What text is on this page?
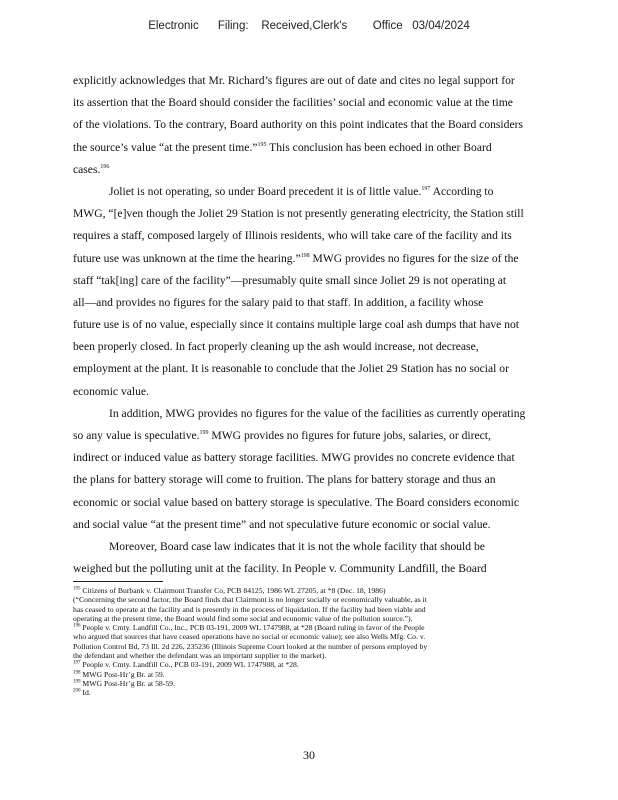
Electronic      Filing:    Received,Clerk's        Office   03/04/2024
explicitly acknowledges that Mr. Richard’s figures are out of date and cites no legal support for
its assertion that the Board should consider the facilities’ social and economic value at the time
of the violations. To the contrary, Board authority on this point indicates that the Board considers
the source’s value “at the present time.”$^{195}$ This conclusion has been echoed in other Board
cases.$^{196}$
Joliet is not operating, so under Board precedent it is of little value.$^{197}$ According to
MWG, “[e]ven though the Joliet 29 Station is not presently generating electricity, the Station still
requires a staff, composed largely of Illinois residents, who will take care of the facility and its
future use was unknown at the time the hearing.”$^{198}$ MWG provides no figures for the size of the
staff “tak[ing] care of the facility”—presumably quite small since Joliet 29 is not operating at
all—and provides no figures for the salary paid to that staff. In addition, a facility whose
future use is of no value, especially since it contains multiple large coal ash dumps that have not
been properly closed. In fact properly cleaning up the ash would increase, not decrease,
employment at the plant. It is reasonable to conclude that the Joliet 29 Station has no social or
economic value.
In addition, MWG provides no figures for the value of the facilities as currently operating
so any value is speculative.$^{199}$ MWG provides no figures for future jobs, salaries, or direct,
indirect or induced value as battery storage facilities. MWG provides no concrete evidence that
the plans for battery storage will come to fruition. The plans for battery storage and thus an
economic or social value based on battery storage is speculative. The Board considers economic
and social value “at the present time” and not speculative future economic or social value.
Moreover, Board case law indicates that it is not the whole facility that should be
weighed but the polluting unit at the facility. In People v. Community Landfill, the Board
$^{195}$ Citizens of Burbank v. Clairmont Transfer Co, PCB 84125, 1986 WL 27205, at *8 (Dec. 18, 1986)
(“Concerning the second factor, the Board finds that Clairmont is no longer socially or economically valuable, as it
has ceased to operate at the facility and is presently in the process of liquidation. If the facility had been viable and
operating at the present time, the Board would find some social and economic value of the pollution source.”).
$^{196}$ People v. Cmty. Landfill Co., Inc., PCB 03-191, 2009 WL 1747988, at *28 (Board ruling in favor of the People
who argued that sources that have ceased operations have no social or economic value); see also Wells Mfg. Co. v.
Pollution Control Bd, 73 Ill. 2d 226, 235236 (Illinois Supreme Court looked at the number of persons employed by
the defendant and whether the defendant was an important supplier to the market).
$^{197}$ People v. Cmty. Landfill Co., PCB 03-191, 2009 WL 1747988, at *28.
$^{198}$ MWG Post-Hr’g Br. at 59.
$^{199}$ MWG Post-Hr’g Br. at 58-59.
$^{200}$ Id.
30
